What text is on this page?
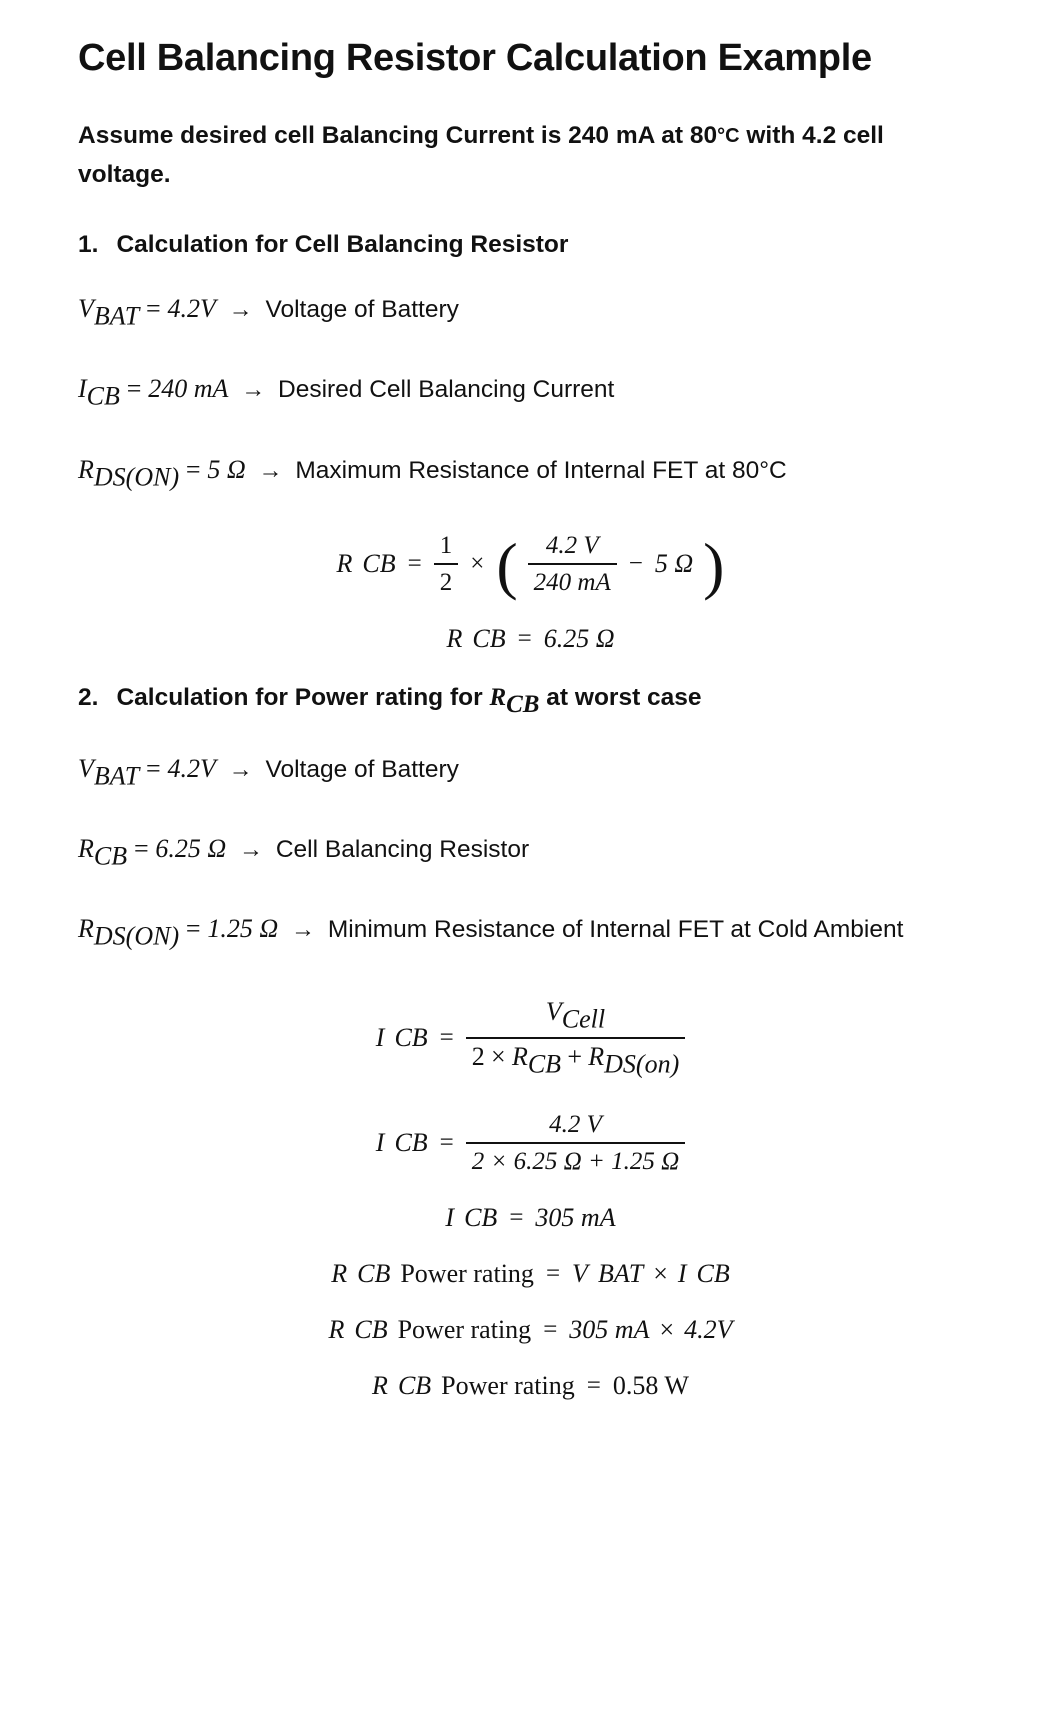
Cell Balancing Resistor Calculation Example

Assume desired cell Balancing Current is 240 mA at 80°C with 4.2 cell voltage.

1. Calculation for Cell Balancing Resistor
$V_{BAT} = 4.2V$ → Voltage of Battery
$I_{CB} = 240$ mA → Desired Cell Balancing Current
$R_{DS(ON)} = 5$ Ω → Maximum Resistance of Internal FET at 80°C
R CB = $\frac{1}{2}$ × ( $\frac{4.2 V}{240 mA} - 5$ Ω )
R CB = 6.25 Ω
2. Calculation for Power rating for $R_{CB}$ at worst case
$V_{BAT} = 4.2V$ → Voltage of Battery
$R_{CB} = 6.25$ Ω → Cell Balancing Resistor
$R_{DS(ON)} = 1.25$ Ω → Minimum Resistance of Internal FET at Cold Ambient
I CB = $\frac{V_{Cell}}{2 \times R_{CB} + R_{DS(on)}}$
I CB = $\frac{4.2 V}{2 \times 6.25 \Omega + 1.25 \Omega}$
I CB = 305 mA
R CB Power rating = V BAT × I CB
R CB Power rating = 305 mA × 4.2V
R CB Power rating = 0.58 W
